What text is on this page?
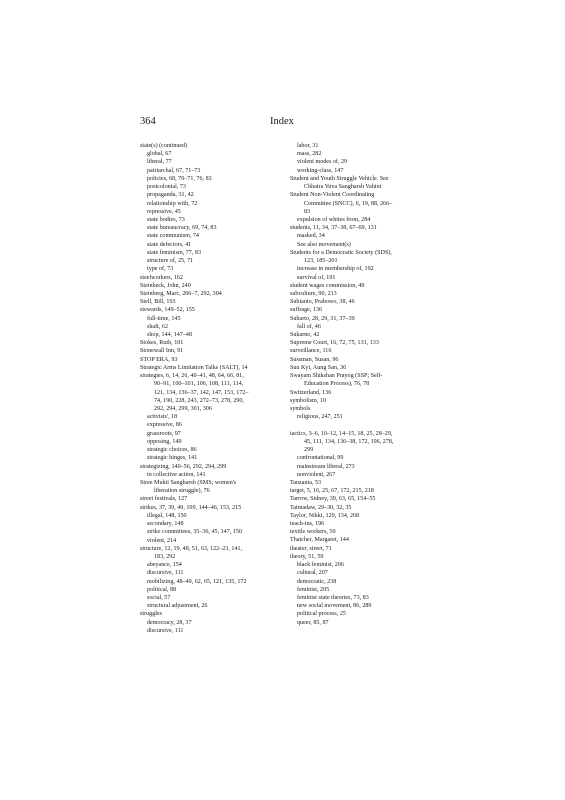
364	Index
state(s) (continued)
global, 67
liberal, 77
patriarchal, 67, 71–73
policies, 68, 70–71, 76, 83
postcolonial, 73
propaganda, 31, 42
relationship with, 72
repressive, 45
state bodies, 73
state bureaucracy, 69, 74, 83
state communism, 74
state defectors, 41
state feminism, 77, 83
structure of, 25, 71
type of, 73
steelworkers, 162
Steinbeck, John, 240
Steinberg, Marc, 206–7, 292, 304
Stell, Bill, 193
stewards, 149–52, 155
full-time, 145
shaft, 62
shop, 144, 147–48
Stokes, Ruth, 101
Stonewall Inn, 91
STOP ERA, 93
Strategic Arms Limitation Talks (SALT), 14
strategies, 6, 14, 26, 40–41, 48, 64, 66, 81,
90–91, 100–101, 106, 108, 111, 114,
121, 134, 136–37, 142, 147, 153, 172–
74, 190, 228, 243, 272–73, 278, 290,
292, 294, 299, 301, 306
activists', 18
expressive, 86
grassroots, 97
opposing, 149
strategic choices, 86
strategic hinges, 141
strategizing, 140–56, 292, 294, 299
in collective action, 141
Stree Mukti Sangharsh (SMS; women's
liberation struggle), 76
street festivals, 127
strikes, 37, 39, 49, 109, 144–46, 153, 215
illegal, 148, 150
secondary, 148
strike committees, 35–36, 45, 147, 150
violent, 214
structure, 12, 19, 48, 51, 63, 122–23, 141,
183, 292
abeyance, 154
discursive, 111
mobilizing, 48–49, 62, 65, 121, 135, 172
political, 88
social, 57
structural adjustment, 26
struggles
democracy, 28, 37
discursive, 111
labor, 31
mass, 282
violent modes of, 29
working-class, 147
Student and Youth Struggle Vehicle. See
Chhatra Yuva Sangharsh Vahini
Student Non-Violent Coordinating
Committee (SNCC), 6, 19, 88, 266–
83
expulsion of whites from, 284
students, 11, 34, 37–38, 67–69, 131
masked, 34
See also movement(s)
Students for a Democratic Society (SDS),
123, 185–201
increase in membership of, 192
survival of, 191
student wages commission, 49
subculture, 90, 213
Subianto, Prabowo, 38, 46
suffrage, 136
Suharto, 28, 29, 31, 37–39
fall of, 46
Sukarno, 42
Supreme Court, 16, 72, 75, 131, 133
surveillance, 116
Sussman, Susan, 96
Suu Kyi, Aung San, 36
Swayam Shikshan Prayog (SSP; Self-
Education Process), 76, 78
Switzerland, 136
symbolism, 10
symbols
religious, 247, 251
tactics, 3–6, 10–12, 14–15, 18, 25, 28–29,
45, 111, 134, 136–38, 172, 196, 278,
299
confrontational, 99
mainstream liberal, 273
nonviolent, 267
Tanzania, 53
target, 5, 16, 25, 67, 172, 215, 218
Tarrow, Sidney, 39, 63, 65, 154–55
Tatmadaw, 29–30, 32, 35
Taylor, Nikki, 129, 134, 268
teach-ins, 196
textile workers, 50
Thatcher, Margaret, 144
theater, street, 71
theory, 51, 59
black feminist, 206
cultural, 207
democratic, 238
feminist, 205
feminist state theories, 73, 83
new social movement, 86, 289
political process, 25
queer, 85, 87
